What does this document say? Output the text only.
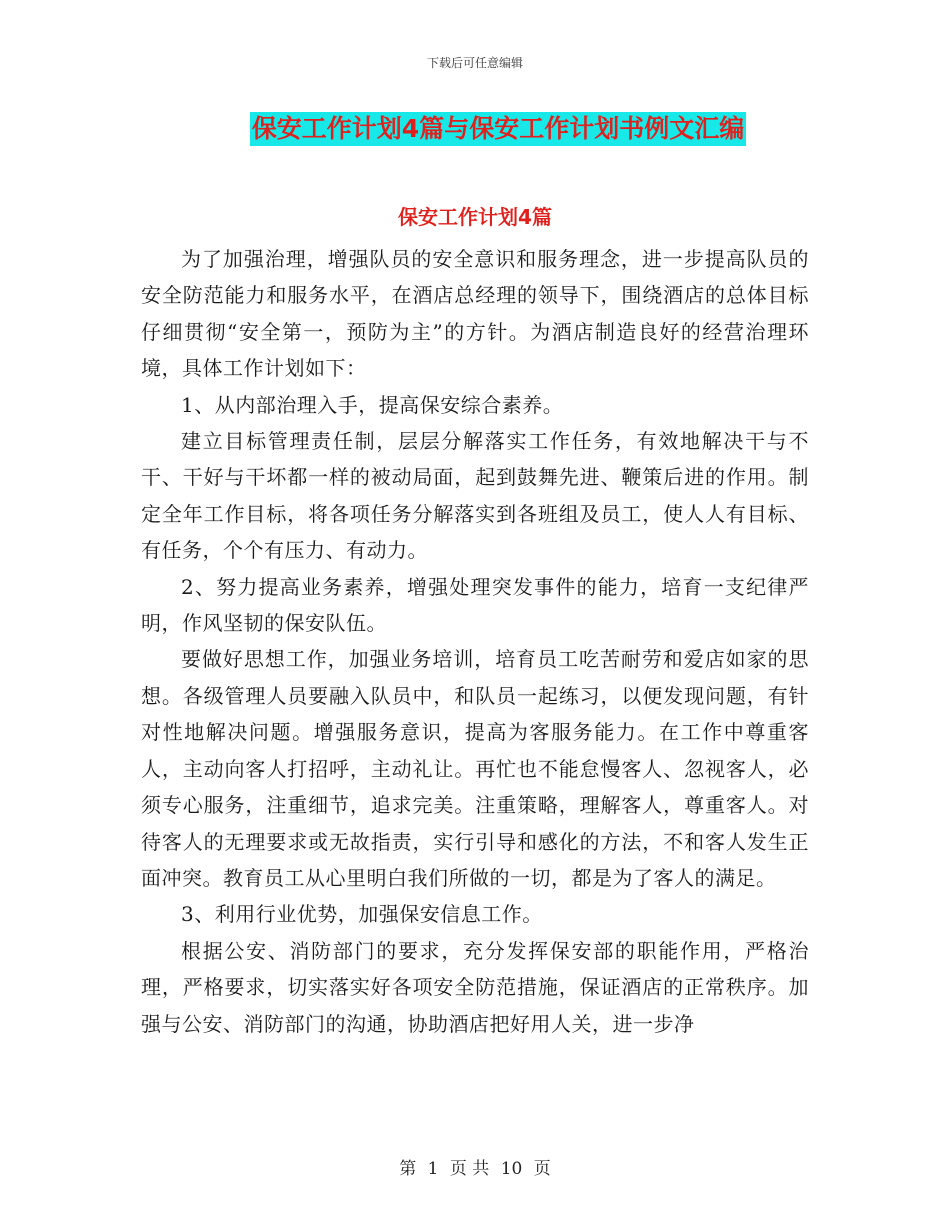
下载后可任意编辑
保安工作计划4篇与保安工作计划书例文汇编
保安工作计划4篇

为了加强治理，增强队员的安全意识和服务理念，进一步提高队员的安全防范能力和服务水平，在酒店总经理的领导下，围绕酒店的总体目标仔细贯彻“安全第一，预防为主”的方针。为酒店制造良好的经营治理环境，具体工作计划如下：

1、从内部治理入手，提高保安综合素养。

建立目标管理责任制，层层分解落实工作任务，有效地解决干与不干、干好与干坏都一样的被动局面，起到鼓舞先进、鞭策后进的作用。制定全年工作目标，将各项任务分解落实到各班组及员工，使人人有目标、有任务，个个有压力、有动力。

2、努力提高业务素养，增强处理突发事件的能力，培育一支纪律严明，作风坚韧的保安队伍。

要做好思想工作，加强业务培训，培育员工吃苦耐劳和爱店如家的思想。各级管理人员要融入队员中，和队员一起练习，以便发现问题，有针对性地解决问题。增强服务意识，提高为客服务能力。在工作中尊重客人，主动向客人打招呼，主动礼让。再忙也不能怠慢客人、忽视客人，必须专心服务，注重细节，追求完美。注重策略，理解客人，尊重客人。对待客人的无理要求或无故指责，实行引导和感化的方法，不和客人发生正面冲突。教育员工从心里明白我们所做的一切，都是为了客人的满足。

3、利用行业优势，加强保安信息工作。

根据公安、消防部门的要求，充分发挥保安部的职能作用，严格治理，严格要求，切实落实好各项安全防范措施，保证酒店的正常秩序。加强与公安、消防部门的沟通，协助酒店把好用人关，进一步净

第 1 页 共 10 页
